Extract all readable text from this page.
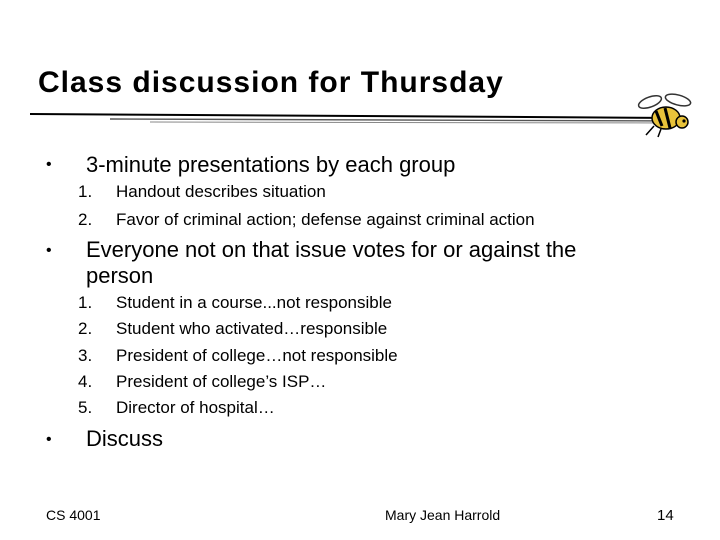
Class discussion for Thursday
• 3-minute presentations by each group
1. Handout describes situation
2. Favor of criminal action; defense against criminal action
• Everyone not on that issue votes for or against the
person
1. Student in a course...not responsible
2. Student who activated…responsible
3. President of college…not responsible
4. President of college’s ISP…
5. Director of hospital…
• Discuss
CS 4001	Mary Jean Harrold	14
